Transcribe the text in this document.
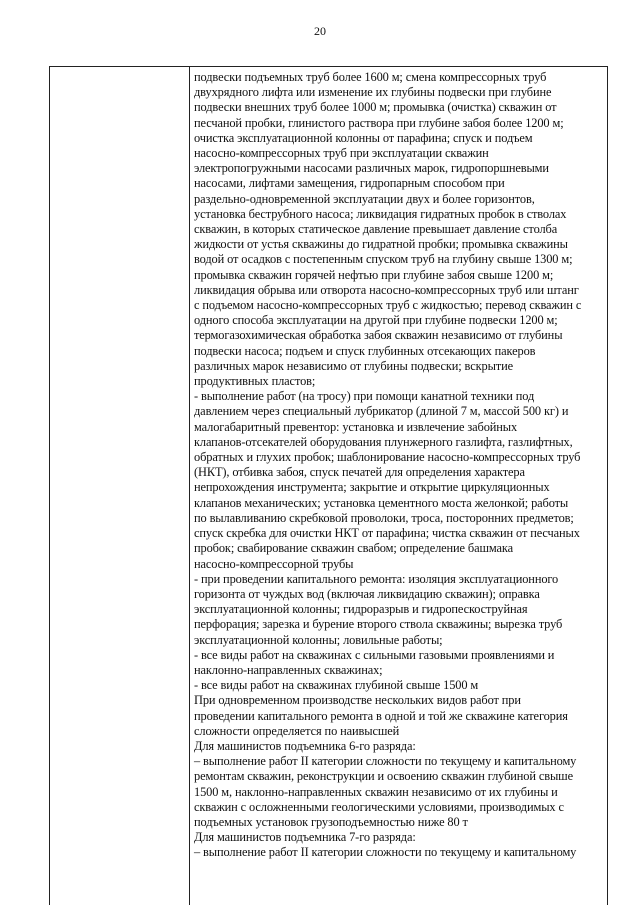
20
подвески подъемных труб более 1600 м; смена компрессорных труб
двухрядного лифта или изменение их глубины подвески при глубине
подвески внешних труб более 1000 м; промывка (очистка) скважин от
песчаной пробки, глинистого раствора при глубине забоя более 1200 м;
очистка эксплуатационной колонны от парафина; спуск и подъем
насосно-компрессорных труб при эксплуатации скважин
электропогружными насосами различных марок, гидропоршневыми
насосами, лифтами замещения, гидропарным способом при
раздельно-одновременной эксплуатации двух и более горизонтов,
установка беструбного насоса; ликвидация гидратных пробок в стволах
скважин, в которых статическое давление превышает давление столба
жидкости от устья скважины до гидратной пробки; промывка скважины
водой от осадков с постепенным спуском труб на глубину свыше 1300 м;
промывка скважин горячей нефтью при глубине забоя свыше 1200 м;
ликвидация обрыва или отворота насосно-компрессорных труб или штанг
с подъемом насосно-компрессорных труб с жидкостью; перевод скважин с
одного способа эксплуатации на другой при глубине подвески 1200 м;
термогазохимическая обработка забоя скважин независимо от глубины
подвески насоса; подъем и спуск глубинных отсекающих пакеров
различных марок независимо от глубины подвески; вскрытие
продуктивных пластов;
- выполнение работ (на тросу) при помощи канатной техники под
давлением через специальный лубрикатор (длиной 7 м, массой 500 кг) и
малогабаритный превентор: установка и извлечение забойных
клапанов-отсекателей оборудования плунжерного газлифта, газлифтных,
обратных и глухих пробок; шаблонирование насосно-компрессорных труб
(НКТ), отбивка забоя, спуск печатей для определения характера
непрохождения инструмента; закрытие и открытие циркуляционных
клапанов механических; установка цементного моста желонкой; работы
по вылавливанию скребковой проволоки, троса, посторонних предметов;
спуск скребка для очистки НКТ от парафина; чистка скважин от песчаных
пробок; свабирование скважин свабом; определение башмака
насосно-компрессорной трубы
- при проведении капитального ремонта: изоляция эксплуатационного
горизонта от чуждых вод (включая ликвидацию скважин); оправка
эксплуатационной колонны; гидроразрыв и гидропескоструйная
перфорация; зарезка и бурение второго ствола скважины; вырезка труб
эксплуатационной колонны; ловильные работы;
- все виды работ на скважинах с сильными газовыми проявлениями и
наклонно-направленных скважинах;
- все виды работ на скважинах глубиной свыше 1500 м
При одновременном производстве нескольких видов работ при
проведении капитального ремонта в одной и той же скважине категория
сложности определяется по наивысшей
Для машинистов подъемника 6-го разряда:
– выполнение работ II категории сложности по текущему и капитальному
ремонтам скважин, реконструкции и освоению скважин глубиной свыше
1500 м, наклонно-направленных скважин независимо от их глубины и
скважин с осложненными геологическими условиями, производимых с
подъемных установок грузоподъемностью ниже 80 т
Для машинистов подъемника 7-го разряда:
– выполнение работ II категории сложности по текущему и капитальному
